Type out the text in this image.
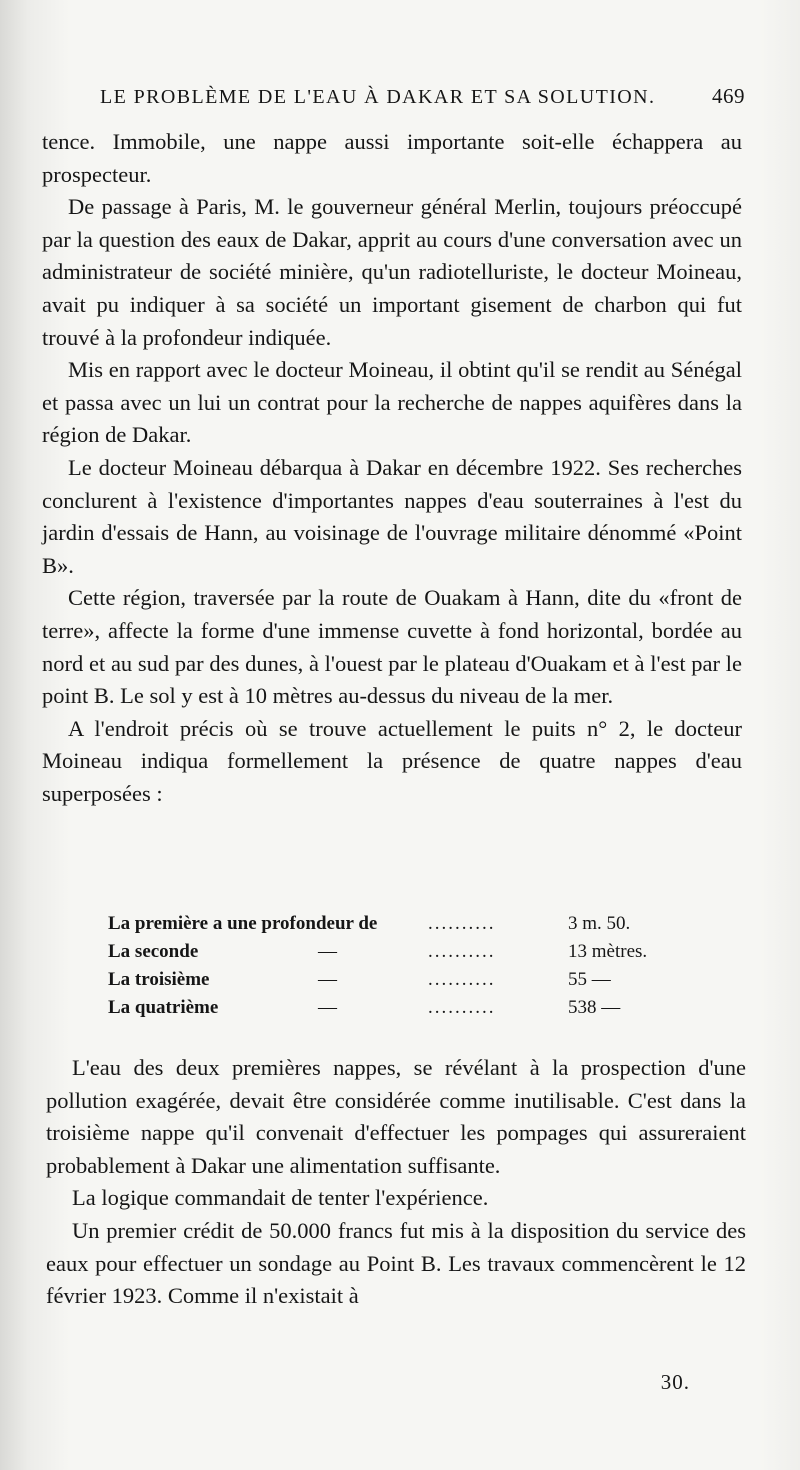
LE PROBLÈME DE L'EAU À DAKAR ET SA SOLUTION.	469

tence. Immobile, une nappe aussi importante soit-elle échappera au prospecteur.

De passage à Paris, M. le gouverneur général Merlin, toujours préoccupé par la question des eaux de Dakar, apprit au cours d'une conversation avec un administrateur de société minière, qu'un radiotelluriste, le docteur Moineau, avait pu indiquer à sa société un important gisement de charbon qui fut trouvé à la profondeur indiquée.

Mis en rapport avec le docteur Moineau, il obtint qu'il se rendit au Sénégal et passa avec un lui un contrat pour la recherche de nappes aquifères dans la région de Dakar.

Le docteur Moineau débarqua à Dakar en décembre 1922. Ses recherches conclurent à l'existence d'importantes nappes d'eau souterraines à l'est du jardin d'essais de Hann, au voisinage de l'ouvrage militaire dénommé «Point B».

Cette région, traversée par la route de Ouakam à Hann, dite du «front de terre», affecte la forme d'une immense cuvette à fond horizontal, bordée au nord et au sud par des dunes, à l'ouest par le plateau d'Ouakam et à l'est par le point B. Le sol y est à 10 mètres au-dessus du niveau de la mer.

A l'endroit précis où se trouve actuellement le puits n° 2, le docteur Moineau indiqua formellement la présence de quatre nappes d'eau superposées :

La première a une profondeur de	..........	3 m. 50.
La seconde	—	..........	13 mètres.
La troisième	—	..........	55 —
La quatrième	—	..........	538 —

L'eau des deux premières nappes, se révélant à la prospection d'une pollution exagérée, devait être considérée comme inutilisable. C'est dans la troisième nappe qu'il convenait d'effectuer les pompages qui assureraient probablement à Dakar une alimentation suffisante.

La logique commandait de tenter l'expérience.

Un premier crédit de 50.000 francs fut mis à la disposition du service des eaux pour effectuer un sondage au Point B. Les travaux commencèrent le 12 février 1923. Comme il n'existait à

30.
